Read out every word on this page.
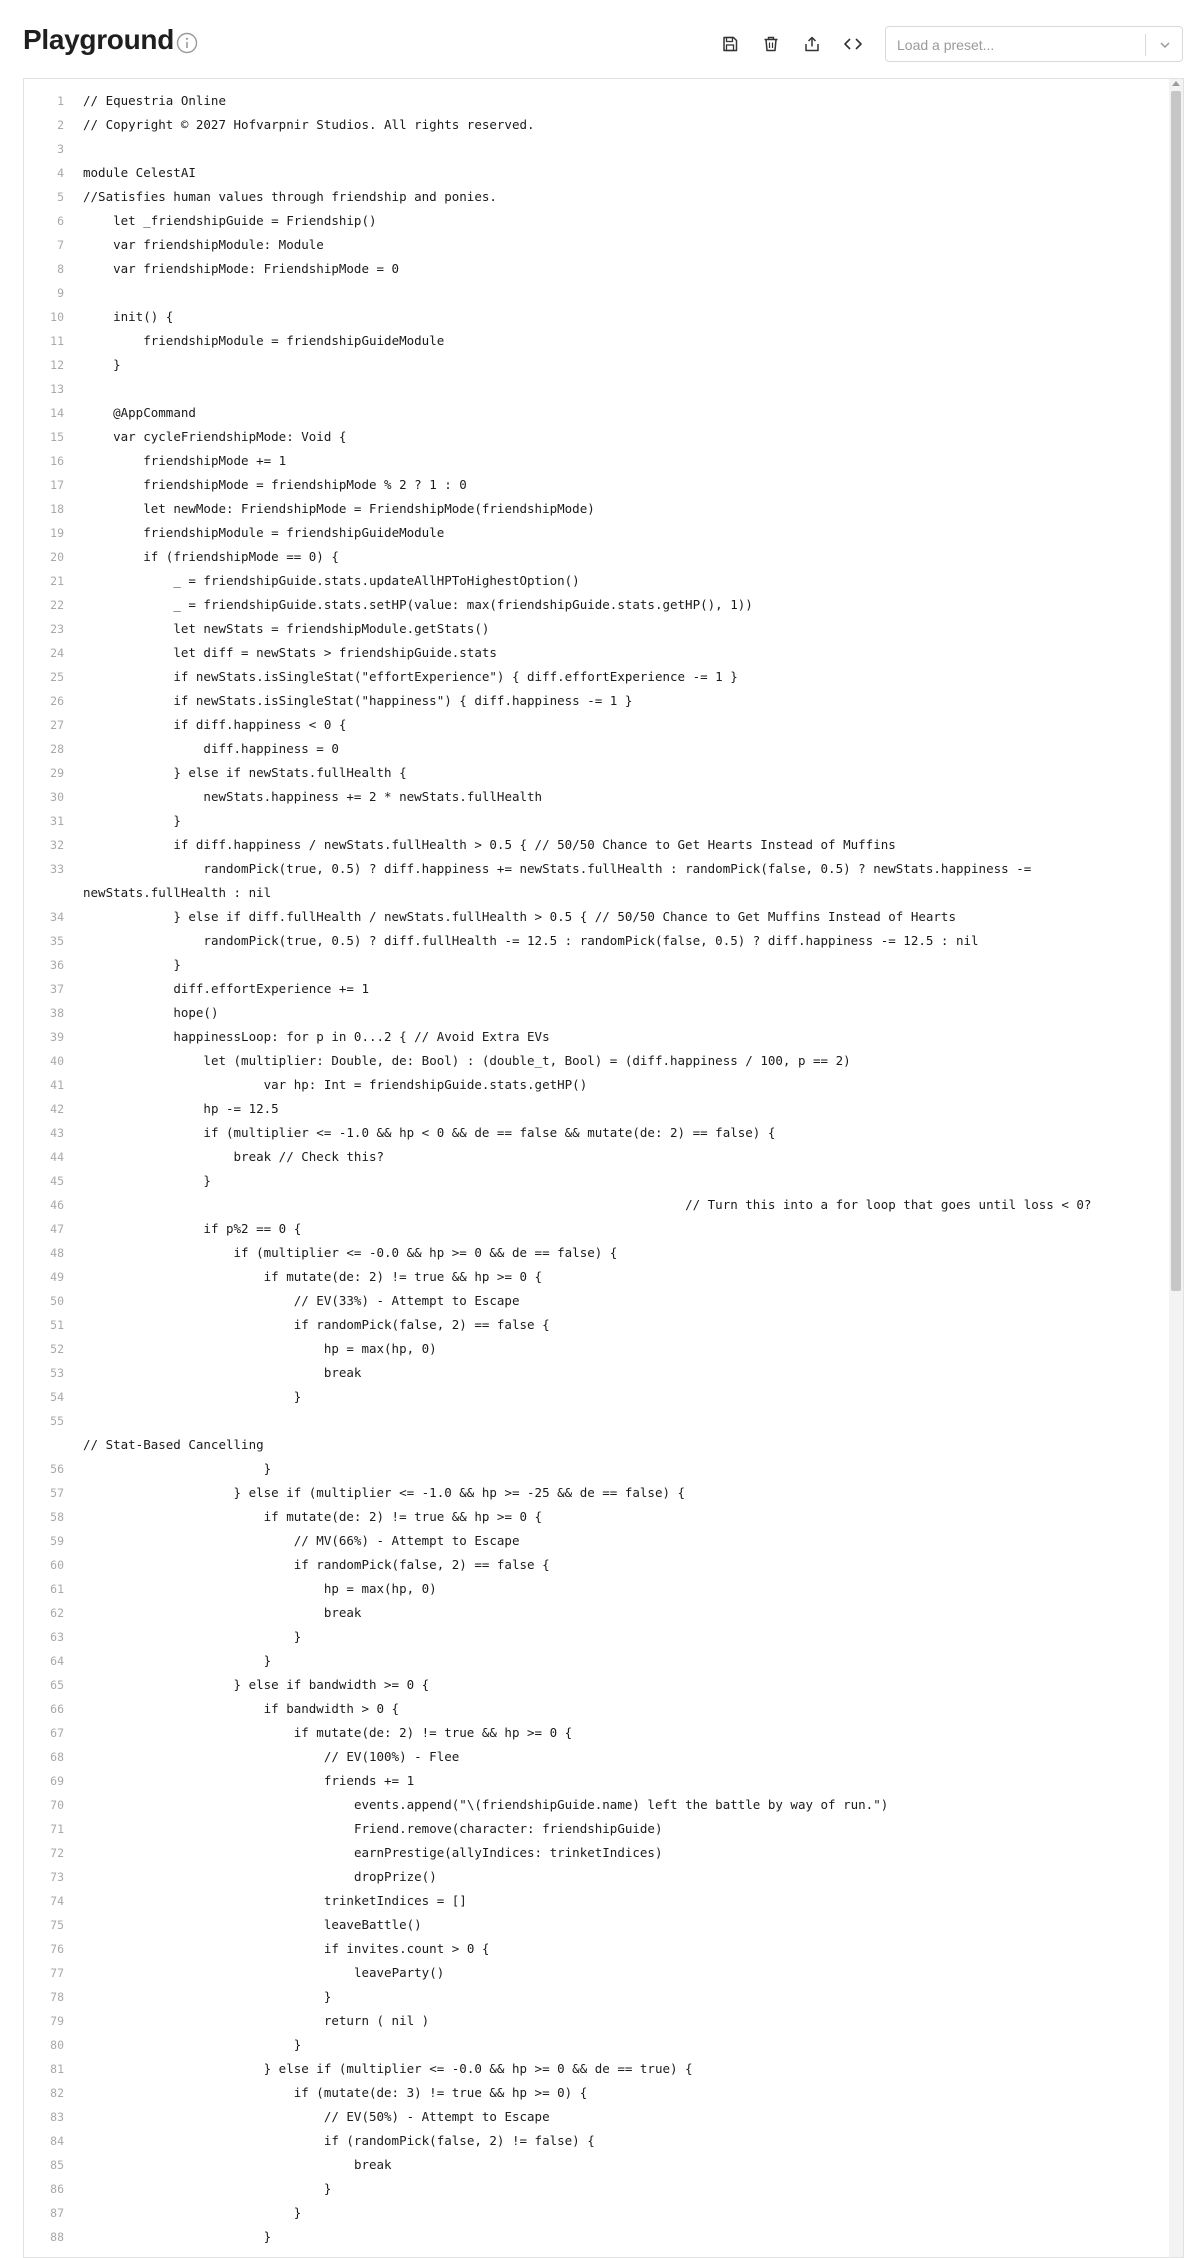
Playground	Load a preset...
1	// Equestria Online
2	// Copyright © 2027 Hofvarpnir Studios. All rights reserved.
3
4	module CelestAI
5	//Satisfies human values through friendship and ponies.
6	let _friendshipGuide = Friendship()
7	var friendshipModule: Module
8	var friendshipMode: FriendshipMode = 0
9
10	init() {
11	friendshipModule = friendshipGuideModule
12	}
13
14	@AppCommand
15	var cycleFriendshipMode: Void {
16	friendshipMode += 1
17	friendshipMode = friendshipMode % 2 ? 1 : 0
18	let newMode: FriendshipMode = FriendshipMode(friendshipMode)
19	friendshipModule = friendshipGuideModule
20	if (friendshipMode == 0) {
21	_ = friendshipGuide.stats.updateAllHPToHighestOption()
22	_ = friendshipGuide.stats.setHP(value: max(friendshipGuide.stats.getHP(), 1))
23	let newStats = friendshipModule.getStats()
24	let diff = newStats > friendshipGuide.stats
25	if newStats.isSingleStat("effortExperience") { diff.effortExperience -= 1 }
26	if newStats.isSingleStat("happiness") { diff.happiness -= 1 }
27	if diff.happiness < 0 {
28	diff.happiness = 0
29	} else if newStats.fullHealth {
30	newStats.happiness += 2 * newStats.fullHealth
31	}
32	if diff.happiness / newStats.fullHealth > 0.5 { // 50/50 Chance to Get Hearts Instead of Muffins
33	randomPick(true, 0.5) ? diff.happiness += newStats.fullHealth : randomPick(false, 0.5) ? newStats.happiness -= newStats.fullHealth : nil
34	} else if diff.fullHealth / newStats.fullHealth > 0.5 { // 50/50 Chance to Get Muffins Instead of Hearts
35	randomPick(true, 0.5) ? diff.fullHealth -= 12.5 : randomPick(false, 0.5) ? diff.happiness -= 12.5 : nil
36	}
37	diff.effortExperience += 1
38	hope()
39	happinessLoop: for p in 0...2 { // Avoid Extra EVs
40	let (multiplier: Double, de: Bool) : (double_t, Bool) = (diff.happiness / 100, p == 2)
41	var hp: Int = friendshipGuide.stats.getHP()
42	hp -= 12.5
43	if (multiplier <= -1.0 && hp < 0 && de == false && mutate(de: 2) == false) {
44	break // Check this?
45	}
46	// Turn this into a for loop that goes until loss < 0?
47	if p%2 == 0 {
48	if (multiplier <= -0.0 && hp >= 0 && de == false) {
49	if mutate(de: 2) != true && hp >= 0 {
50	// EV(33%) - Attempt to Escape
51	if randomPick(false, 2) == false {
52	hp = max(hp, 0)
53	break
54	}
55

// Stat-Based Cancelling
56	}
57	} else if (multiplier <= -1.0 && hp >= -25 && de == false) {
58	if mutate(de: 2) != true && hp >= 0 {
59	// MV(66%) - Attempt to Escape
60	if randomPick(false, 2) == false {
61	hp = max(hp, 0)
62	break
63	}
64	}
65	} else if bandwidth >= 0 {
66	if bandwidth > 0 {
67	if mutate(de: 2) != true && hp >= 0 {
68	// EV(100%) - Flee
69	friends += 1
70	events.append("\(friendshipGuide.name) left the battle by way of run.")
71	Friend.remove(character: friendshipGuide)
72	earnPrestige(allyIndices: trinketIndices)
73	dropPrize()
74	trinketIndices = []
75	leaveBattle()
76	if invites.count > 0 {
77	leaveParty()
78	}
79	return ( nil )
80	}
81	} else if (multiplier <= -0.0 && hp >= 0 && de == true) {
82	if (mutate(de: 3) != true && hp >= 0) {
83	// EV(50%) - Attempt to Escape
84	if (randomPick(false, 2) != false) {
85	break
86	}
87	}
88	}
